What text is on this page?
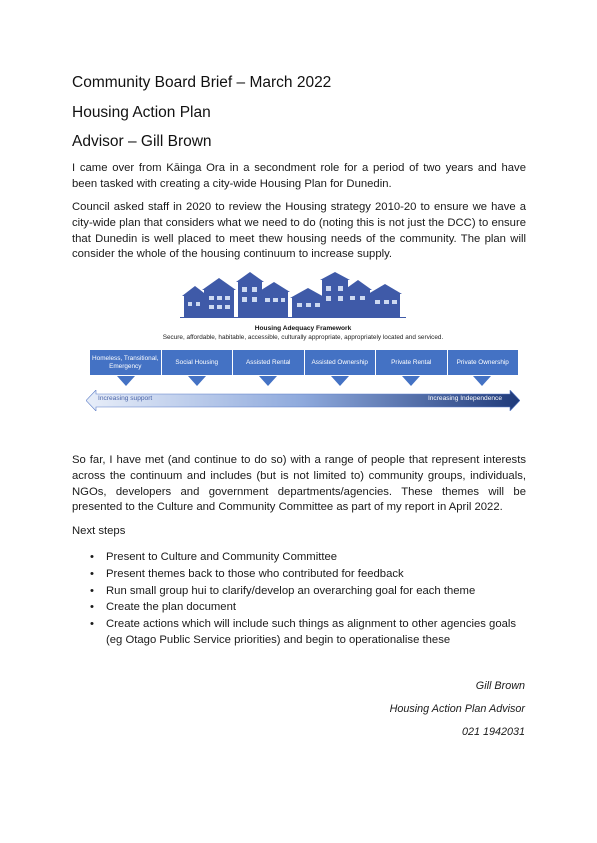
Community Board Brief – March 2022
Housing Action Plan
Advisor – Gill Brown

I came over from Kāinga Ora in a secondment role for a period of two years and have been tasked with creating a city-wide Housing Plan for Dunedin.

Council asked staff in 2020 to review the Housing strategy 2010-20 to ensure we have a city-wide plan that considers what we need to do (noting this is not just the DCC) to ensure that Dunedin is well placed to meet thew housing needs of the community. The plan will consider the whole of the housing continuum to increase supply.

Housing Adequacy Framework
Secure, affordable, habitable, accessible, culturally appropriate, appropriately located and serviced.
Homeless, Transitional, Emergency
Social Housing	Assisted Rental	Assisted Ownership	Private Rental	Private Ownership
Increasing support	Increasing Independence

So far, I have met (and continue to do so) with a range of people that represent interests across the continuum and includes (but is not limited to) community groups, individuals, NGOs, developers and government departments/agencies. These themes will be presented to the Culture and Community Committee as part of my report in April 2022.

Next steps

• Present to Culture and Community Committee
• Present themes back to those who contributed for feedback
• Run small group hui to clarify/develop an overarching goal for each theme
• Create the plan document
• Create actions which will include such things as alignment to other agencies goals (eg Otago Public Service priorities) and begin to operationalise these

Gill Brown

Housing Action Plan Advisor

021 1942031
